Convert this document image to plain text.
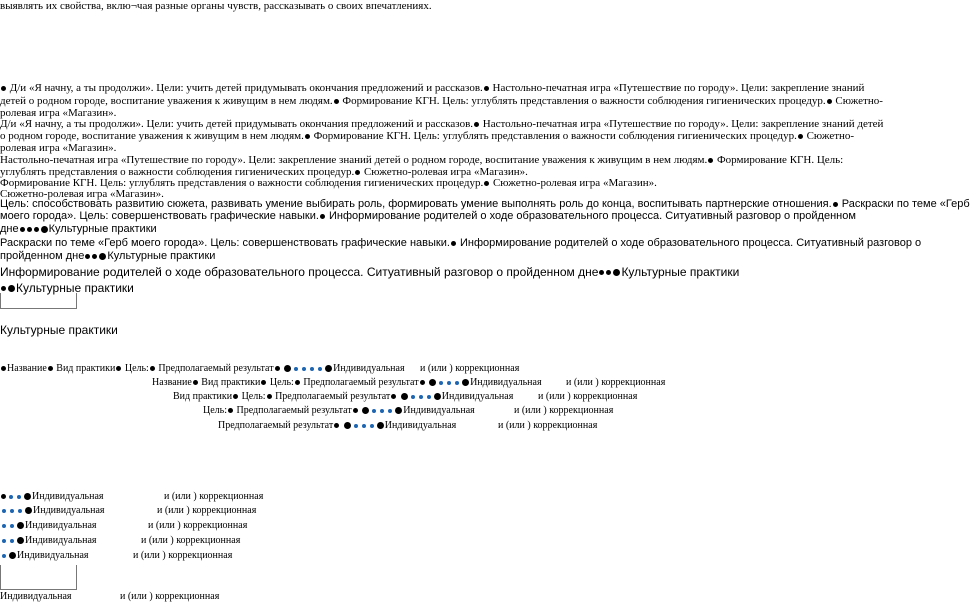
выявлять их свойства, вклю¬чая разные органы чувств, рассказывать о своих впечатлениях.
Д/и «Я начну, а ты продолжи». Цели: учить детей придумывать окончания предложений и рассказов. Настольно-печатная игра «Путешествие по городу». Цели: закрепление знаний
детей о родном городе, воспитание уважения к живущим в нем людям. Формирование КГН. Цель: углублять представления о важности соблюдения гигиенических процедур. Сюжетно-
ролевая игра «Магазин».
Д/и «Я начну, а ты продолжи». Цели: учить детей придумывать окончания предложений и рассказов. Настольно-печатная игра «Путешествие по городу». Цели: закрепление знаний детей
о родном городе, воспитание уважения к живущим в нем людям. Формирование КГН. Цель: углублять представления о важности соблюдения гигиенических процедур. Сюжетно-
ролевая игра «Магазин».
Настольно-печатная игра «Путешествие по городу». Цели: закрепление знаний детей о родном городе, воспитание уважения к живущим в нем людям. Формирование КГН. Цель:
углублять представления о важности соблюдения гигиенических процедур. Сюжетно-ролевая игра «Магазин».
Формирование КГН. Цель: углублять представления о важности соблюдения гигиенических процедур. Сюжетно-ролевая игра «Магазин».
Сюжетно-ролевая игра «Магазин».
Цель: способствовать развитию сюжета, развивать умение выбирать роль, формировать умение выполнять роль до конца, воспитывать партнерские отношения. Раскраски по теме «Герб
моего города». Цель: совершенствовать графические навыки. Информирование родителей о ходе образовательного процесса. Ситуативный разговор о пройденном
дне	Культурные практики
Раскраски по теме «Герб моего города». Цель: совершенствовать графические навыки. Информирование родителей о ходе образовательного процесса. Ситуативный разговор о
пройденном дне Культурные практики
Информирование родителей о ходе образовательного процесса. Ситуативный разговор о пройденном дне Культурные практики
Культурные практики
Культурные практики
Название Вид практики Цель: Предполагаемый результат	Индивидуальная и (или ) коррекционная
Название Вид практики Цель: Предполагаемый результат	Индивидуальная и (или ) коррекционная
Вид практики Цель: Предполагаемый результат	Индивидуальная и (или ) коррекционная
Цель: Предполагаемый результат	Индивидуальная	и (или ) коррекционная
Предполагаемый результат	Индивидуальная	и (или ) коррекционная
Индивидуальная	и (или ) коррекционная
Индивидуальная	и (или ) коррекционная
Индивидуальная	и (или ) коррекционная
Индивидуальная	и (или ) коррекционная
Индивидуальная	и (или ) коррекционная
Индивидуальная	и (или ) коррекционная
